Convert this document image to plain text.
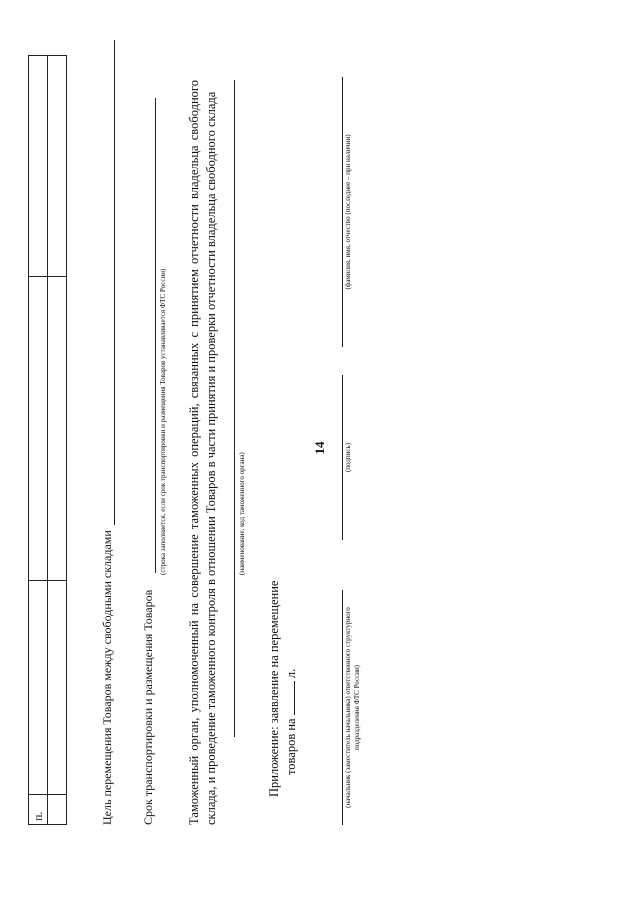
14
п.			
				Цель перемещения Товаров между свободными складами Срок транспортировки и размещения Товаров
(строка заполняется, если срок транспортировки и размещения Товаров устанавливается ФТС России) Таможенный орган, уполномоченный на совершение таможенных операций, связанных с принятием отчетности владельца свободного склада, и проведение таможенного контроля в отношении Товаров в части принятия и проверки отчетности владельца свободного склада	(наименование, код таможенного органа)
Приложение: заявление на перемещение товаров на  л.	(начальник (заместитель начальника) ответственного структурного подразделения ФТС России)
(подпись)
(фамилия, имя, отчество (последнее – при наличии)
